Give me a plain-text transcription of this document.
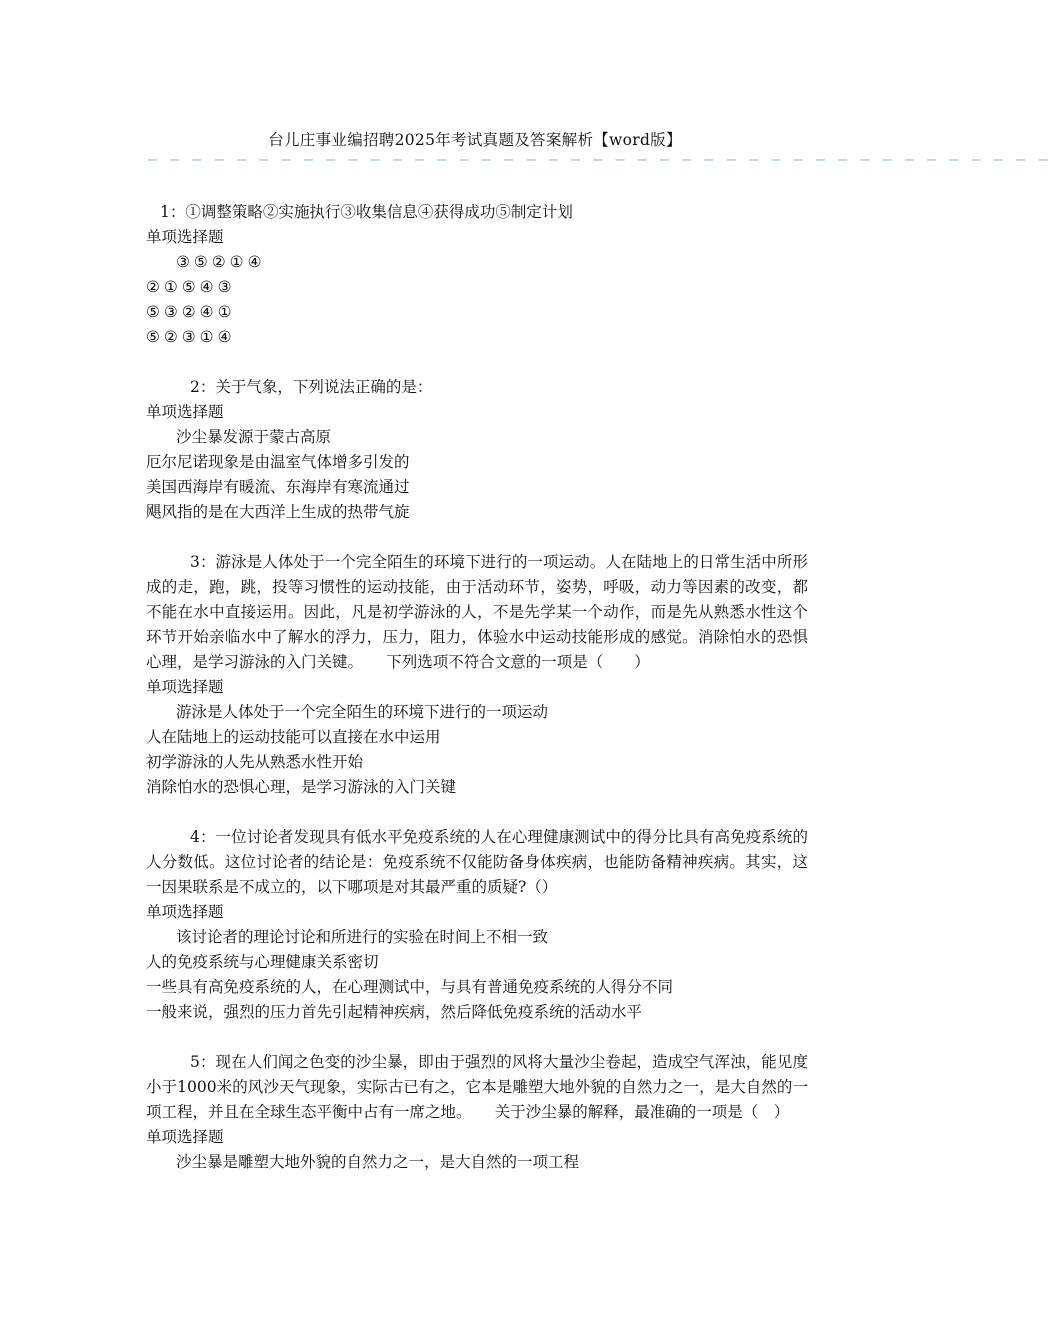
台儿庄事业编招聘2025年考试真题及答案解析【word版】
— — — — — — — — — — — — — — — — — — — — — — — — — — — — — — — — — — — — — — — — —
1：①调整策略②实施执行③收集信息④获得成功⑤制定计划
单项选择题
③⑤②①④
②①⑤④③
⑤③②④①
⑤②③①④
2：关于气象，下列说法正确的是：
单项选择题
沙尘暴发源于蒙古高原
厄尔尼诺现象是由温室气体增多引发的
美国西海岸有暖流、东海岸有寒流通过
飓风指的是在大西洋上生成的热带气旋
3：游泳是人体处于一个完全陌生的环境下进行的一项运动。人在陆地上的日常生活中所形成的走，跑，跳，投等习惯性的运动技能，由于活动环节，姿势，呼吸，动力等因素的改变，都不能在水中直接运用。因此，凡是初学游泳的人，不是先学某一个动作，而是先从熟悉水性这个环节开始亲临水中了解水的浮力，压力，阻力，体验水中运动技能形成的感觉。消除怕水的恐惧心理，是学习游泳的入门关键。　　下列选项不符合文意的一项是（　　）
单项选择题
游泳是人体处于一个完全陌生的环境下进行的一项运动
人在陆地上的运动技能可以直接在水中运用
初学游泳的人先从熟悉水性开始
消除怕水的恐惧心理，是学习游泳的入门关键
4：一位讨论者发现具有低水平免疫系统的人在心理健康测试中的得分比具有高免疫系统的人分数低。这位讨论者的结论是：免疫系统不仅能防备身体疾病，也能防备精神疾病。其实，这一因果联系是不成立的，以下哪项是对其最严重的质疑?（）
单项选择题
该讨论者的理论讨论和所进行的实验在时间上不相一致
人的免疫系统与心理健康关系密切
一些具有高免疫系统的人，在心理测试中，与具有普通免疫系统的人得分不同
一般来说，强烈的压力首先引起精神疾病，然后降低免疫系统的活动水平
5：现在人们闻之色变的沙尘暴，即由于强烈的风将大量沙尘卷起，造成空气浑浊，能见度小于1000米的风沙天气现象，实际古已有之，它本是雕塑大地外貌的自然力之一，是大自然的一项工程，并且在全球生态平衡中占有一席之地。　　关于沙尘暴的解释，最准确的一项是（　）
单项选择题
沙尘暴是雕塑大地外貌的自然力之一，是大自然的一项工程
